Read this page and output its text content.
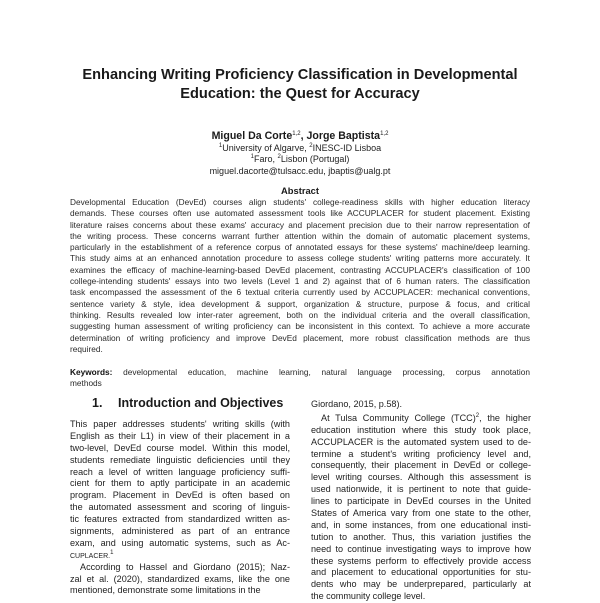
Enhancing Writing Proficiency Classification in Developmental
Education: the Quest for Accuracy
Miguel Da Corte$^{1,2}$, Jorge Baptista$^{1,2}$
$^1$University of Algarve, $^2$INESC-ID Lisboa
$^1$Faro, $^2$Lisbon (Portugal)
miguel.dacorte@tulsacc.edu, jbaptis@ualg.pt
Abstract
Developmental Education (DevEd) courses align students' college-readiness skills with higher education literacy
demands. These courses often use automated assessment tools like ACCUPLACER for student placement. Existing
literature raises concerns about these exams' accuracy and placement precision due to their narrow representation of
the writing process. These concerns warrant further attention within the domain of automatic placement systems,
particularly in the establishment of a reference corpus of annotated essays for these systems' machine/deep learning.
This study aims at an enhanced annotation procedure to assess college students' writing patterns more accurately. It
examines the efficacy of machine-learning-based DevEd placement, contrasting ACCUPLACER's classification of 100
college-intending students' essays into two levels (Level 1 and 2) against that of 6 human raters. The classification
task encompassed the assessment of the 6 textual criteria currently used by ACCUPLACER: mechanical conventions,
sentence variety & style, idea development & support, organization & structure, purpose & focus, and critical
thinking. Results revealed low inter-rater agreement, both on the individual criteria and the overall classification,
suggesting human assessment of writing proficiency can be inconsistent in this context. To achieve a more accurate
determination of writing proficiency and improve DevEd placement, more robust classification methods are thus
required.
Keywords: developmental education, machine learning, natural language processing, corpus annotation
methods
1. Introduction and Objectives
This paper addresses students' writing skills (with
English as their L1) in view of their placement in a
two-level, DevEd course model. Within this model,
students remediate linguistic deficiencies until they
reach a level of written language proficiency suffi-
cient for them to aptly participate in an academic
program. Placement in DevEd is often based on
the automated assessment and scoring of linguis-
tic features extracted from standardized written as-
signments, administered as part of an entrance
exam, and using automatic systems, such as Ac-
CUPLACER.$^1$
According to Hassel and Giordano (2015); Naz-
zal et al. (2020), standardized exams, like the one
mentioned, demonstrate some limitations in the
Giordano, 2015, p.58).
At Tulsa Community College (TCC)$^2$, the higher
education institution where this study took place,
ACCUPLACER is the automated system used to de-
termine a student's writing proficiency level and,
consequently, their placement in DevEd or college-
level writing courses. Although this assessment is
used nationwide, it is pertinent to note that guide-
lines to participate in DevEd courses in the United
States of America vary from one state to the other,
and, in some instances, from one educational insti-
tution to another. Thus, this variation justifies the
need to continue investigating ways to improve how
these systems perform to effectively provide access
and placement to educational opportunities for stu-
dents who may be underprepared, particularly at
the community college level.
